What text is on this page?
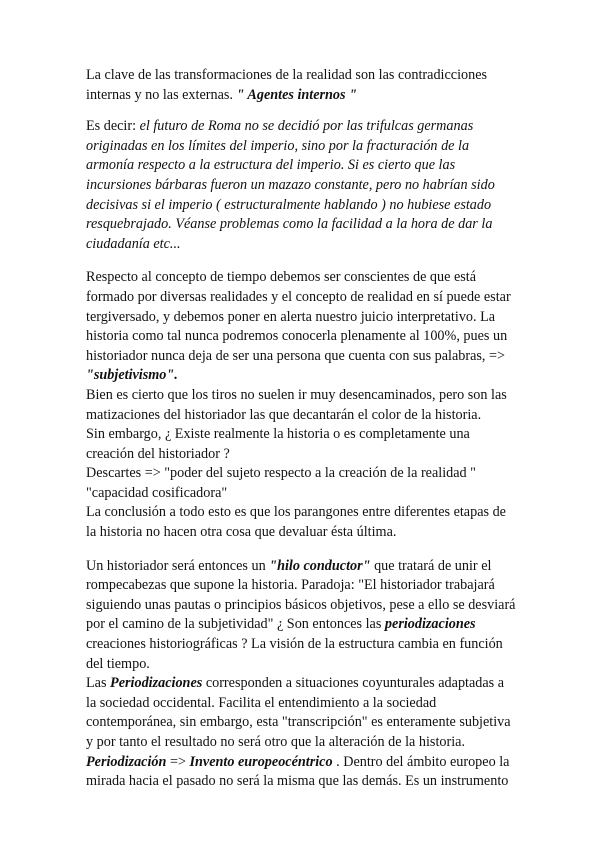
La clave de las transformaciones de la realidad son las contradicciones
internas y no las externas. " Agentes internos "
Es decir: el futuro de Roma no se decidió por las trifulcas germanas
originadas en los límites del imperio, sino por la fracturación de la
armonía respecto a la estructura del imperio. Si es cierto que las
incursiones bárbaras fueron un mazazo constante, pero no habrían sido
decisivas si el imperio ( estructuralmente hablando ) no hubiese estado
resquebrajado. Véanse problemas como la facilidad a la hora de dar la
ciudadanía etc...
Respecto al concepto de tiempo debemos ser conscientes de que está
formado por diversas realidades y el concepto de realidad en sí puede estar
tergiversado, y debemos poner en alerta nuestro juicio interpretativo. La
historia como tal nunca podremos conocerla plenamente al 100%, pues un
historiador nunca deja de ser una persona que cuenta con sus palabras, =>
"subjetivismo".
Bien es cierto que los tiros no suelen ir muy desencaminados, pero son las
matizaciones del historiador las que decantarán el color de la historia.
Sin embargo, ¿ Existe realmente la historia o es completamente una
creación del historiador ?
Descartes => "poder del sujeto respecto a la creación de la realidad "
"capacidad cosificadora"
La conclusión a todo esto es que los parangones entre diferentes etapas de
la historia no hacen otra cosa que devaluar ésta última.
Un historiador será entonces un "hilo conductor" que tratará de unir el
rompecabezas que supone la historia. Paradoja: "El historiador trabajará
siguiendo unas pautas o principios básicos objetivos, pese a ello se desviará
por el camino de la subjetividad" ¿ Son entonces las periodizaciones
creaciones historiográficas ? La visión de la estructura cambia en función
del tiempo.
Las Periodizaciones corresponden a situaciones coyunturales adaptadas a
la sociedad occidental. Facilita el entendimiento a la sociedad
contemporánea, sin embargo, esta "transcripción" es enteramente subjetiva
y por tanto el resultado no será otro que la alteración de la historia.
Periodización => Invento europeocéntrico . Dentro del ámbito europeo la
mirada hacia el pasado no será la misma que las demás. Es un instrumento
